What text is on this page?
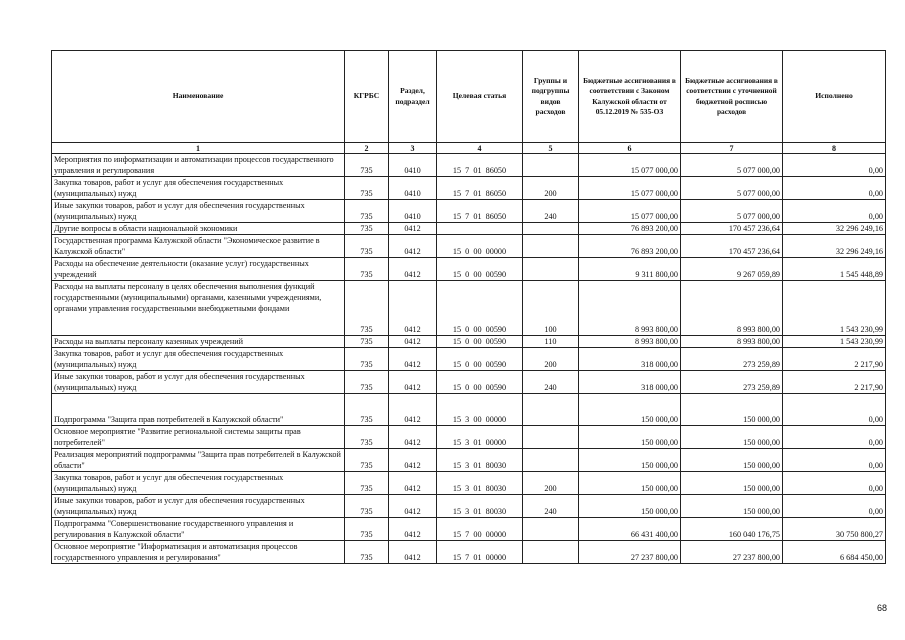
Наименование	КГРБС	Раздел, подраздел	Целевая статья	Группы и подгруппы видов расходов	Бюджетные ассигнования в соответствии с Законом Калужской области от 05.12.2019 № 535-ОЗ	Бюджетные ассигнования в соответствии с уточненной бюджетной росписью расходов	Исполнено
1	2	3	4	5	6	7	8
Мероприятия по информатизации и автоматизации процессов государственного управления и регулирования	735	0410	15  7  01  86050		15 077 000,00	5 077 000,00	0,00
Закупка товаров, работ и услуг для обеспечения государственных (муниципальных) нужд	735	0410	15  7  01  86050	200	15 077 000,00	5 077 000,00	0,00
Иные закупки товаров, работ и услуг для обеспечения государственных (муниципальных) нужд	735	0410	15  7  01  86050	240	15 077 000,00	5 077 000,00	0,00
Другие вопросы в области национальной экономики	735	0412			76 893 200,00	170 457 236,64	32 296 249,16
Государственная программа Калужской области "Экономическое развитие в Калужской области"	735	0412	15  0  00  00000		76 893 200,00	170 457 236,64	32 296 249,16
Расходы на обеспечение деятельности (оказание услуг) государственных учреждений	735	0412	15  0  00  00590		9 311 800,00	9 267 059,89	1 545 448,89
Расходы на выплаты персоналу в целях обеспечения выполнения функций государственными (муниципальными) органами, казенными учреждениями, органами управления государственными внебюджетными фондами	735	0412	15  0  00  00590	100	8 993 800,00	8 993 800,00	1 543 230,99
Расходы на выплаты персоналу казенных учреждений	735	0412	15  0  00  00590	110	8 993 800,00	8 993 800,00	1 543 230,99
Закупка товаров, работ и услуг для обеспечения государственных (муниципальных) нужд	735	0412	15  0  00  00590	200	318 000,00	273 259,89	2 217,90
Иные закупки товаров, работ и услуг для обеспечения государственных (муниципальных) нужд	735	0412	15  0  00  00590	240	318 000,00	273 259,89	2 217,90
Подпрограмма "Защита прав потребителей в Калужской области"	735	0412	15  3  00  00000		150 000,00	150 000,00	0,00
Основное мероприятие "Развитие региональной системы защиты прав потребителей"	735	0412	15  3  01  00000		150 000,00	150 000,00	0,00
Реализация мероприятий подпрограммы "Защита прав потребителей в Калужской области"	735	0412	15  3  01  80030		150 000,00	150 000,00	0,00
Закупка товаров, работ и услуг для обеспечения государственных (муниципальных) нужд	735	0412	15  3  01  80030	200	150 000,00	150 000,00	0,00
Иные закупки товаров, работ и услуг для обеспечения государственных (муниципальных) нужд	735	0412	15  3  01  80030	240	150 000,00	150 000,00	0,00
Подпрограмма "Совершенствование государственного управления и регулирования в Калужской области"	735	0412	15  7  00  00000		66 431 400,00	160 040 176,75	30 750 800,27
Основное мероприятие "Информатизация и автоматизация процессов государственного управления и регулирования"	735	0412	15  7  01  00000		27 237 800,00	27 237 800,00	6 684 450,00
68
